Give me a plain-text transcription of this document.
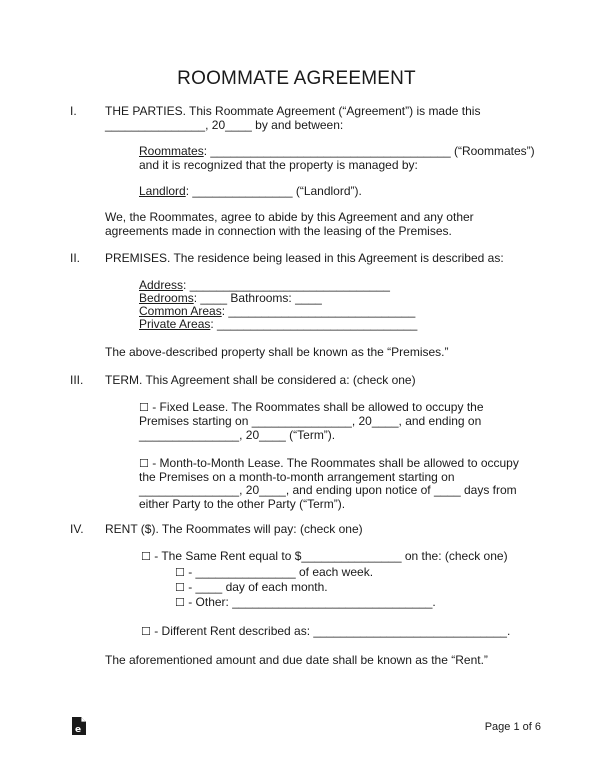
ROOMMATE AGREEMENT
I. THE PARTIES. This Roommate Agreement (“Agreement”) is made this
_______________, 20____ by and between:
Roommates: ____________________________________ (“Roommates”)
and it is recognized that the property is managed by:
Landlord: _______________ (“Landlord”).
We, the Roommates, agree to abide by this Agreement and any other
agreements made in connection with the leasing of the Premises.
II. PREMISES. The residence being leased in this Agreement is described as:
Address: ______________________________
Bedrooms: ____ Bathrooms: ____
Common Areas: ____________________________
Private Areas: ______________________________
The above-described property shall be known as the “Premises.”
III. TERM. This Agreement shall be considered a: (check one)
☐ - Fixed Lease. The Roommates shall be allowed to occupy the
Premises starting on _______________, 20____, and ending on
_______________, 20____ (“Term”).
☐ - Month-to-Month Lease. The Roommates shall be allowed to occupy
the Premises on a month-to-month arrangement starting on
_______________, 20____, and ending upon notice of ____ days from
either Party to the other Party (“Term”).
IV. RENT ($). The Roommates will pay: (check one)
☐ - The Same Rent equal to $_______________ on the: (check one)
☐ - _______________ of each week.
☐ - ____ day of each month.
☐ - Other: ______________________________.
☐ - Different Rent described as: _____________________________.
The aforementioned amount and due date shall be known as the “Rent.”
e	Page 1 of 6
